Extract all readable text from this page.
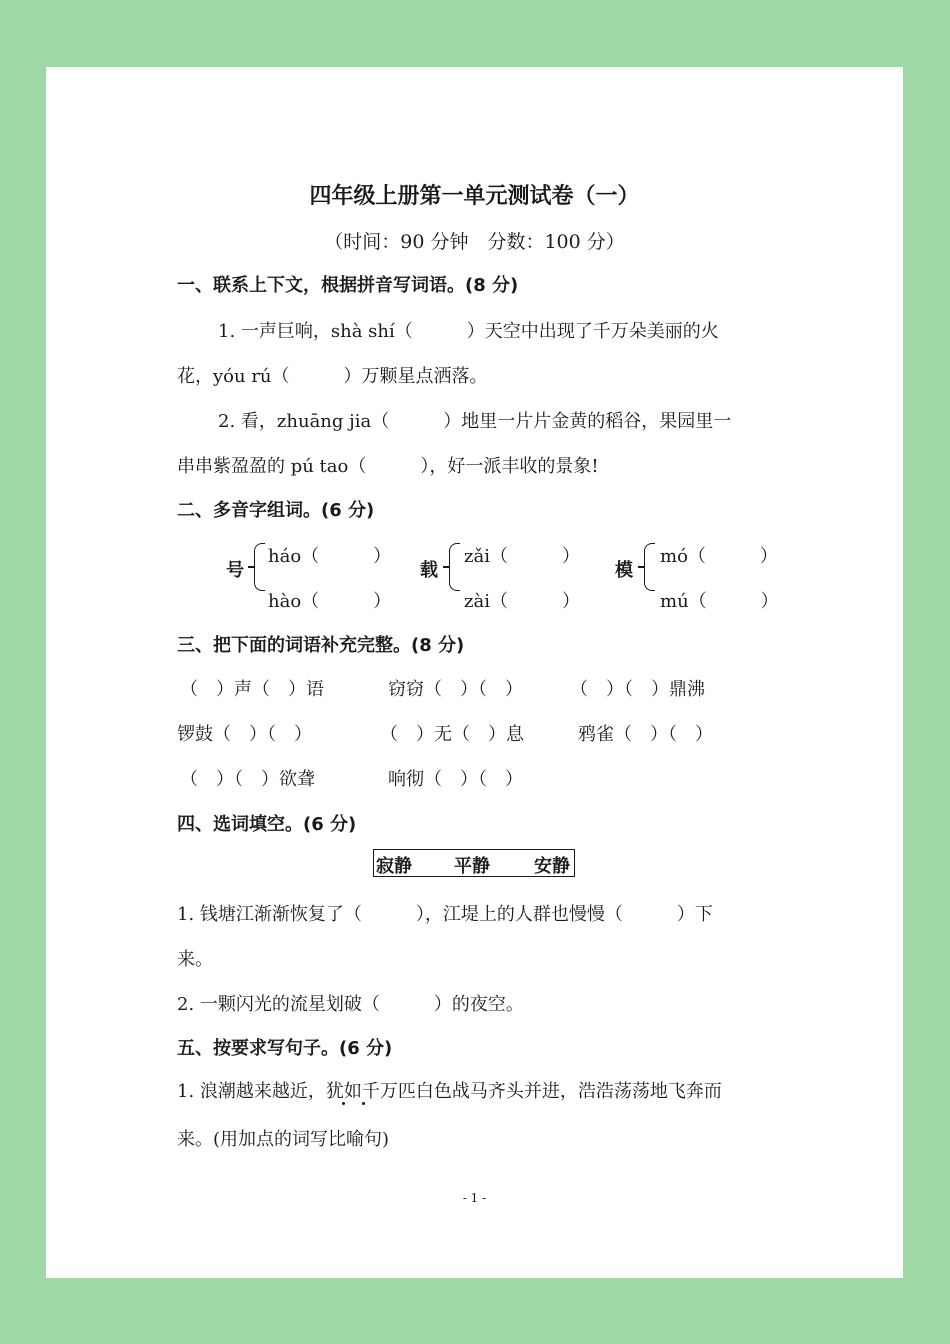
四年级上册第一单元测试卷（一）
（时间：90 分钟　分数：100 分）
一、联系上下文，根据拼音写词语。(8 分)
1. 一声巨响，shà shí（　　　）天空中出现了千万朵美丽的火
花，yóu rú（　　　）万颗星点洒落。
2. 看，zhuāng jia（　　　）地里一片片金黄的稻谷，果园里一
串串紫盈盈的 pú tao（　　　），好一派丰收的景象!
二、多音字组词。(6 分)
号
háo（　　　）
hào（　　　）
载
zǎi（　　　）
zài（　　　）
模
mó（　　　）
mú（　　　）
三、把下面的词语补充完整。(8 分)
（　）声（　）语	窃窃（　）（　）	（　）（　）鼎沸
锣鼓（　）（　）	（　）无（　）息	鸦雀（　）（　）
（　）（　）欲聋	响彻（　）（　）
四、选词填空。(6 分)
寂静 平静 安静
1. 钱塘江渐渐恢复了（　　　），江堤上的人群也慢慢（　　　）下
来。
2. 一颗闪光的流星划破（　　　）的夜空。
五、按要求写句子。(6 分)
1. 浪潮越来越近，犹如千万匹白色战马齐头并进，浩浩荡荡地飞奔而
来。(用加点的词写比喻句)
- 1 -
